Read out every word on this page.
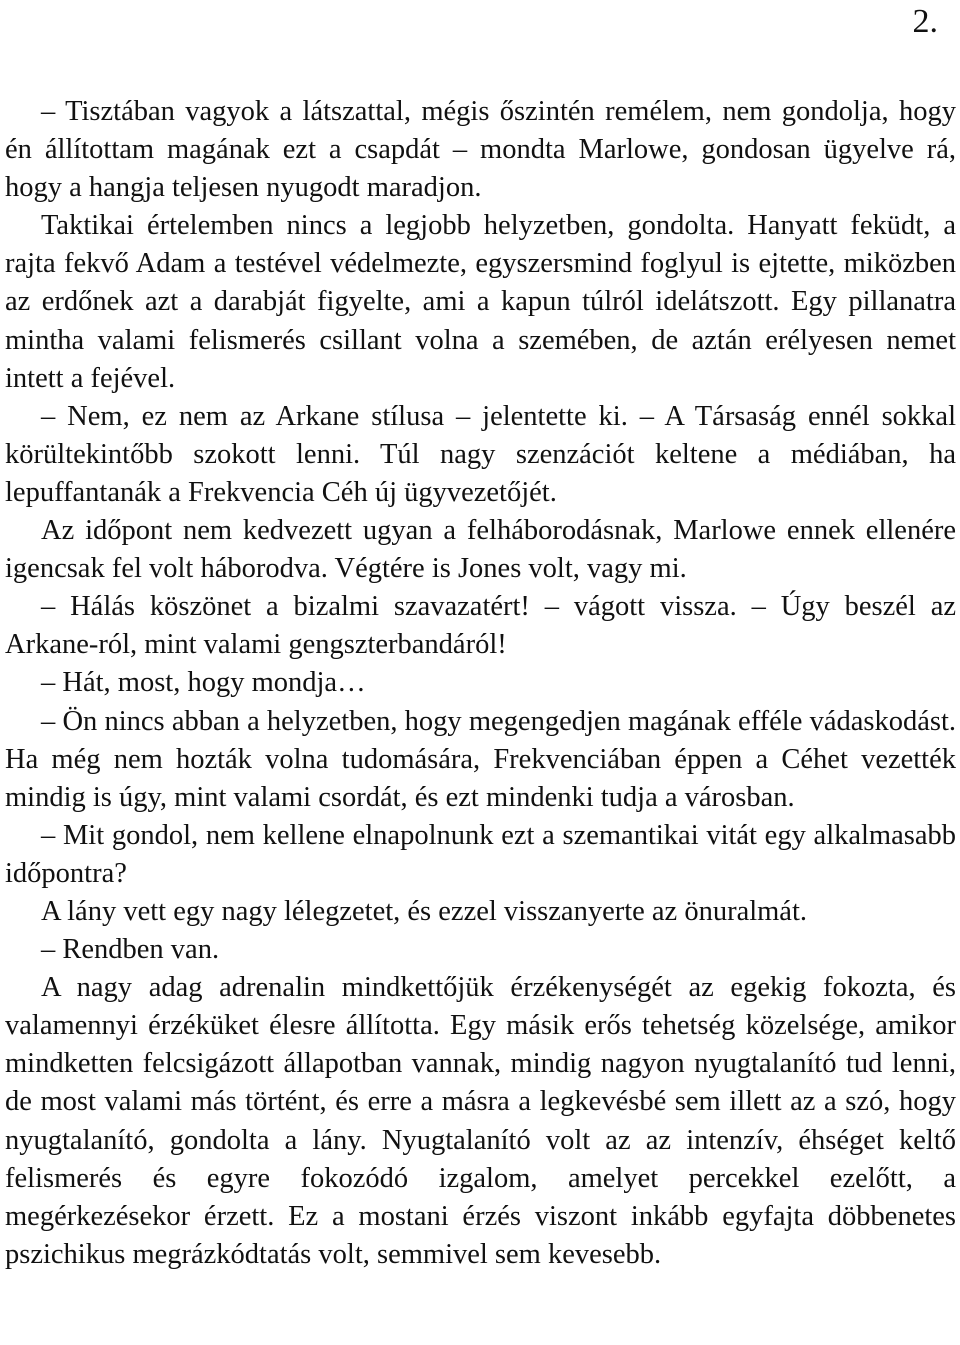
2.

– Tisztában vagyok a látszattal, mégis őszintén remélem, nem gondolja, hogy én állítottam magának ezt a csapdát – mondta Marlowe, gondosan ügyelve rá, hogy a hangja teljesen nyugodt maradjon.

Taktikai értelemben nincs a legjobb helyzetben, gondolta. Hanyatt feküdt, a rajta fekvő Adam a testével védelmezte, egyszersmind foglyul is ejtette, miközben az erdőnek azt a darabját figyelte, ami a kapun túlról idelátszott. Egy pillanatra mintha valami felismerés csillant volna a szemében, de aztán erélyesen nemet intett a fejével.

– Nem, ez nem az Arkane stílusa – jelentette ki. – A Társaság ennél sokkal körültekintőbb szokott lenni. Túl nagy szenzációt keltene a médiában, ha lepuffantanák a Frekvencia Céh új ügyvezetőjét.

Az időpont nem kedvezett ugyan a felháborodásnak, Marlowe ennek ellenére igencsak fel volt háborodva. Végtére is Jones volt, vagy mi.

– Hálás köszönet a bizalmi szavazatért! – vágott vissza. – Úgy beszél az Arkane-ról, mint valami gengszterbandáról!

– Hát, most, hogy mondja…

– Ön nincs abban a helyzetben, hogy megengedjen magának efféle vádaskodást. Ha még nem hozták volna tudomására, Frekvenciában éppen a Céhet vezették mindig is úgy, mint valami csordát, és ezt mindenki tudja a városban.

– Mit gondol, nem kellene elnapolnunk ezt a szemantikai vitát egy alkalmasabb időpontra?

A lány vett egy nagy lélegzetet, és ezzel visszanyerte az önuralmát.

– Rendben van.

A nagy adag adrenalin mindkettőjük érzékenységét az egekig fokozta, és valamennyi érzéküket élesre állította. Egy másik erős tehetség közelsége, amikor mindketten felcsigázott állapotban vannak, mindig nagyon nyugtalanító tud lenni, de most valami más történt, és erre a másra a legkevésbé sem illett az a szó, hogy nyugtalanító, gondolta a lány. Nyugtalanító volt az az intenzív, éhséget keltő felismerés és egyre fokozódó izgalom, amelyet percekkel ezelőtt, a megérkezésekor érzett. Ez a mostani érzés viszont inkább egyfajta döbbenetes pszichikus megrázkódtatás volt, semmivel sem kevesebb.
